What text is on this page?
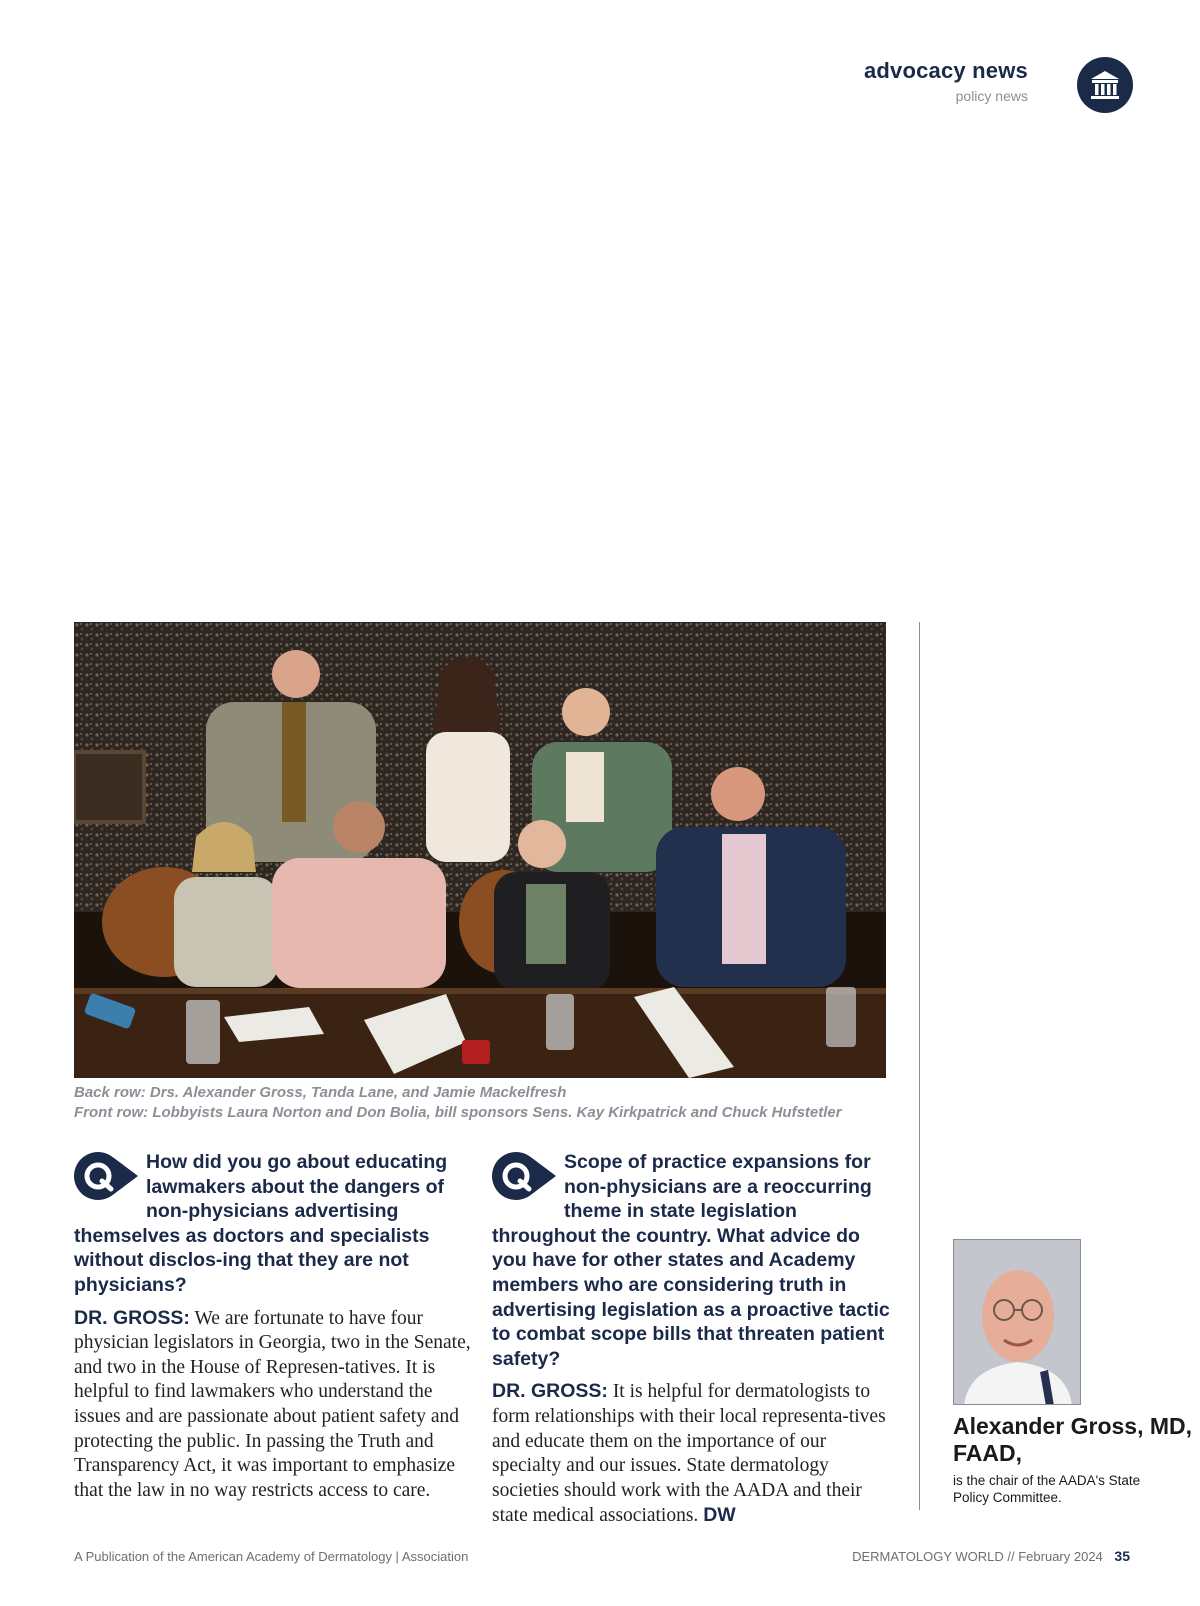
advocacy news
policy news
Back row: Drs. Alexander Gross, Tanda Lane, and Jamie Mackelfresh
Front row: Lobbyists Laura Norton and Don Bolia, bill sponsors Sens. Kay Kirkpatrick and Chuck Hufstetler
How did you go about educating lawmakers about the dangers of non-physicians advertising themselves as doctors and specialists without disclos-ing that they are not physicians?
DR. GROSS: We are fortunate to have four physician legislators in Georgia, two in the Senate, and two in the House of Represen-tatives. It is helpful to find lawmakers who understand the issues and are passionate about patient safety and protecting the public. In passing the Truth and Transparency Act, it was important to emphasize that the law in no way restricts access to care.
Scope of practice expansions for non-physicians are a reoccurring theme in state legislation throughout the country. What advice do you have for other states and Academy members who are considering truth in advertising legislation as a proactive tactic to combat scope bills that threaten patient safety?
DR. GROSS: It is helpful for dermatologists to form relationships with their local representa-tives and educate them on the importance of our specialty and our issues. State dermatology societies should work with the AADA and their state medical associations. DW
Alexander Gross, MD, FAAD,
is the chair of the AADA's State Policy Committee.
A Publication of the American Academy of Dermatology | Association	DERMATOLOGY WORLD // February 2024 35
